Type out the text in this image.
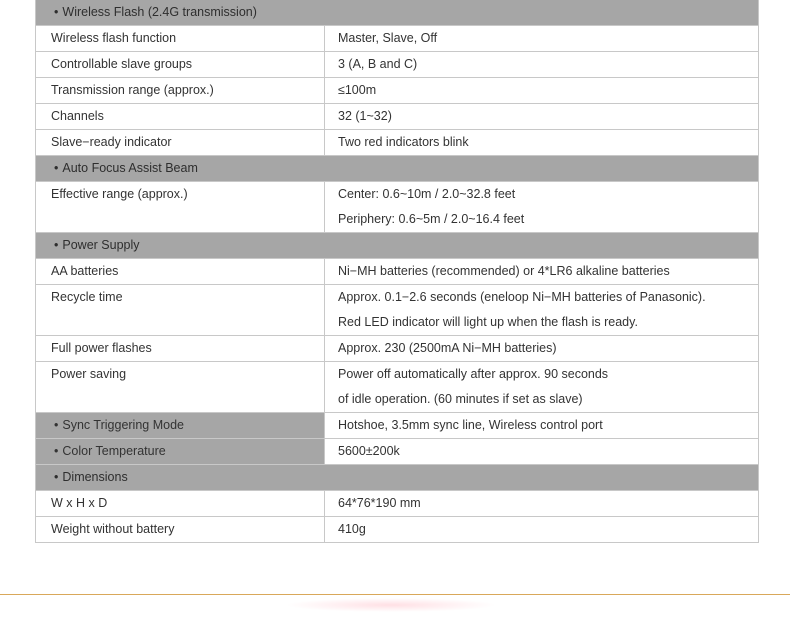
• Wireless Flash (2.4G transmission)
Wireless flash function	Master, Slave, Off
Controllable slave groups	3 (A, B and C)
Transmission range (approx.)	≤100m
Channels	32 (1~32)
Slave−ready indicator	Two red indicators blink
• Auto Focus Assist Beam
Effective range (approx.)	Center: 0.6~10m / 2.0~32.8 feet
Periphery: 0.6~5m / 2.0~16.4 feet
• Power Supply
AA batteries	Ni−MH batteries (recommended) or 4*LR6 alkaline batteries
Recycle time	Approx. 0.1−2.6 seconds (eneloop Ni−MH batteries of Panasonic).
Red LED indicator will light up when the flash is ready.
Full power flashes	Approx. 230 (2500mA Ni−MH batteries)
Power saving	Power off automatically after approx. 90 seconds
of idle operation. (60 minutes if set as slave)
• Sync Triggering Mode	Hotshoe, 3.5mm sync line, Wireless control port
• Color Temperature	5600±200k
• Dimensions
W x H x D	64*76*190 mm
Weight without battery	410g
